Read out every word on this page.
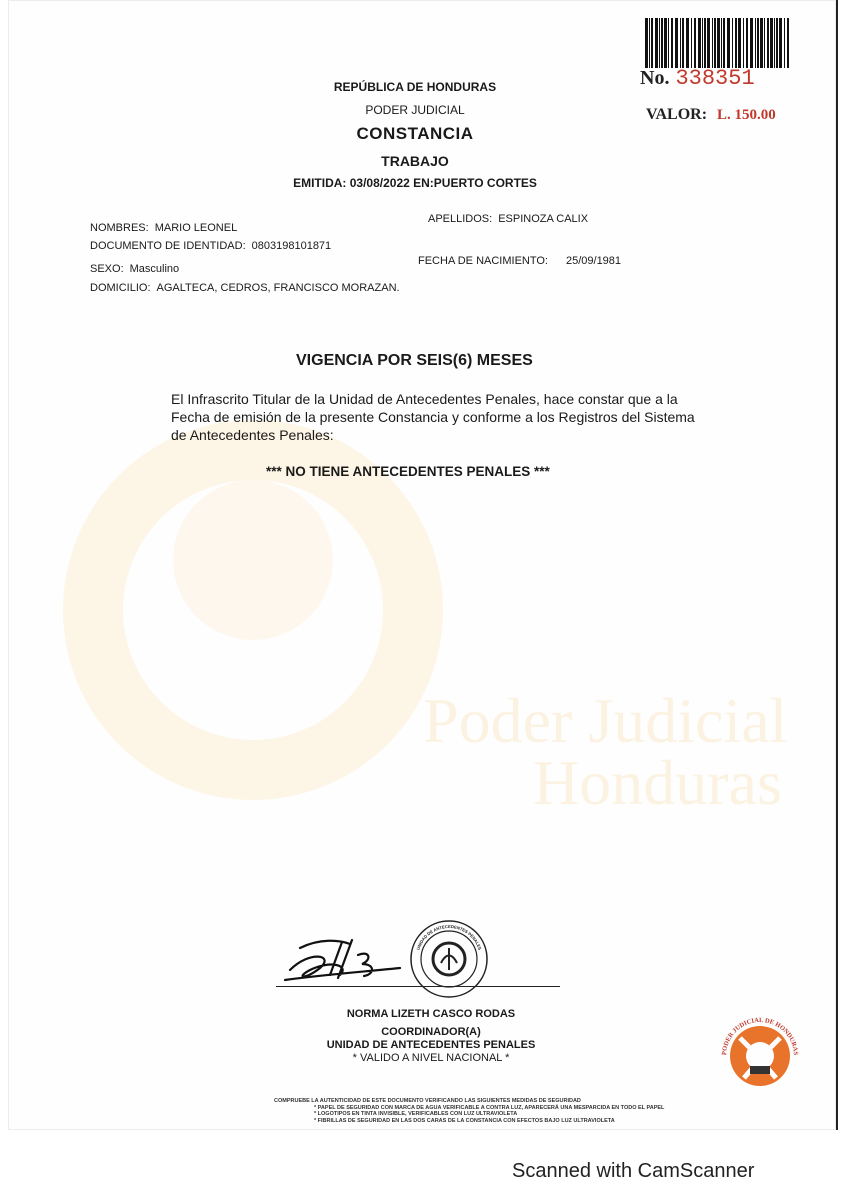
Poder Judicial
Honduras
No. 338351
VALOR: L. 150.00
REPÚBLICA DE HONDURAS
PODER JUDICIAL
CONSTANCIA
TRABAJO
EMITIDA: 03/08/2022 EN:PUERTO CORTES
NOMBRES: MARIO LEONEL
APELLIDOS: ESPINOZA CALIX
DOCUMENTO DE IDENTIDAD: 0803198101871
SEXO: Masculino
FECHA DE NACIMIENTO: 25/09/1981
DOMICILIO: AGALTECA, CEDROS, FRANCISCO MORAZAN.
VIGENCIA POR SEIS(6) MESES
El Infrascrito Titular de la Unidad de Antecedentes Penales, hace constar que a la Fecha de emisión de la presente Constancia y conforme a los Registros del Sistema de Antecedentes Penales:
*** NO TIENE ANTECEDENTES PENALES ***
UNIDAD DE ANTECEDENTES PENALES
NORMA LIZETH CASCO RODAS
COORDINADOR(A)
UNIDAD DE ANTECEDENTES PENALES
* VALIDO A NIVEL NACIONAL *	PODER JUDICIAL DE HONDURAS
COMPRUEBE LA AUTENTICIDAD DE ESTE DOCUMENTO VERIFICANDO LAS SIGUIENTES MEDIDAS DE SEGURIDAD
* PAPEL DE SEGURIDAD CON MARCA DE AGUA VERIFICABLE A CONTRA LUZ, APARECERÁ UNA MESPARCIDA EN TODO EL PAPEL
* LOGOTIPOS EN TINTA INVISIBLE, VERIFICABLES CON LUZ ULTRAVIOLETA
* FIBRILLAS DE SEGURIDAD EN LAS DOS CARAS DE LA CONSTANCIA CON EFECTOS BAJO LUZ ULTRAVIOLETA
Scanned with CamScanner
